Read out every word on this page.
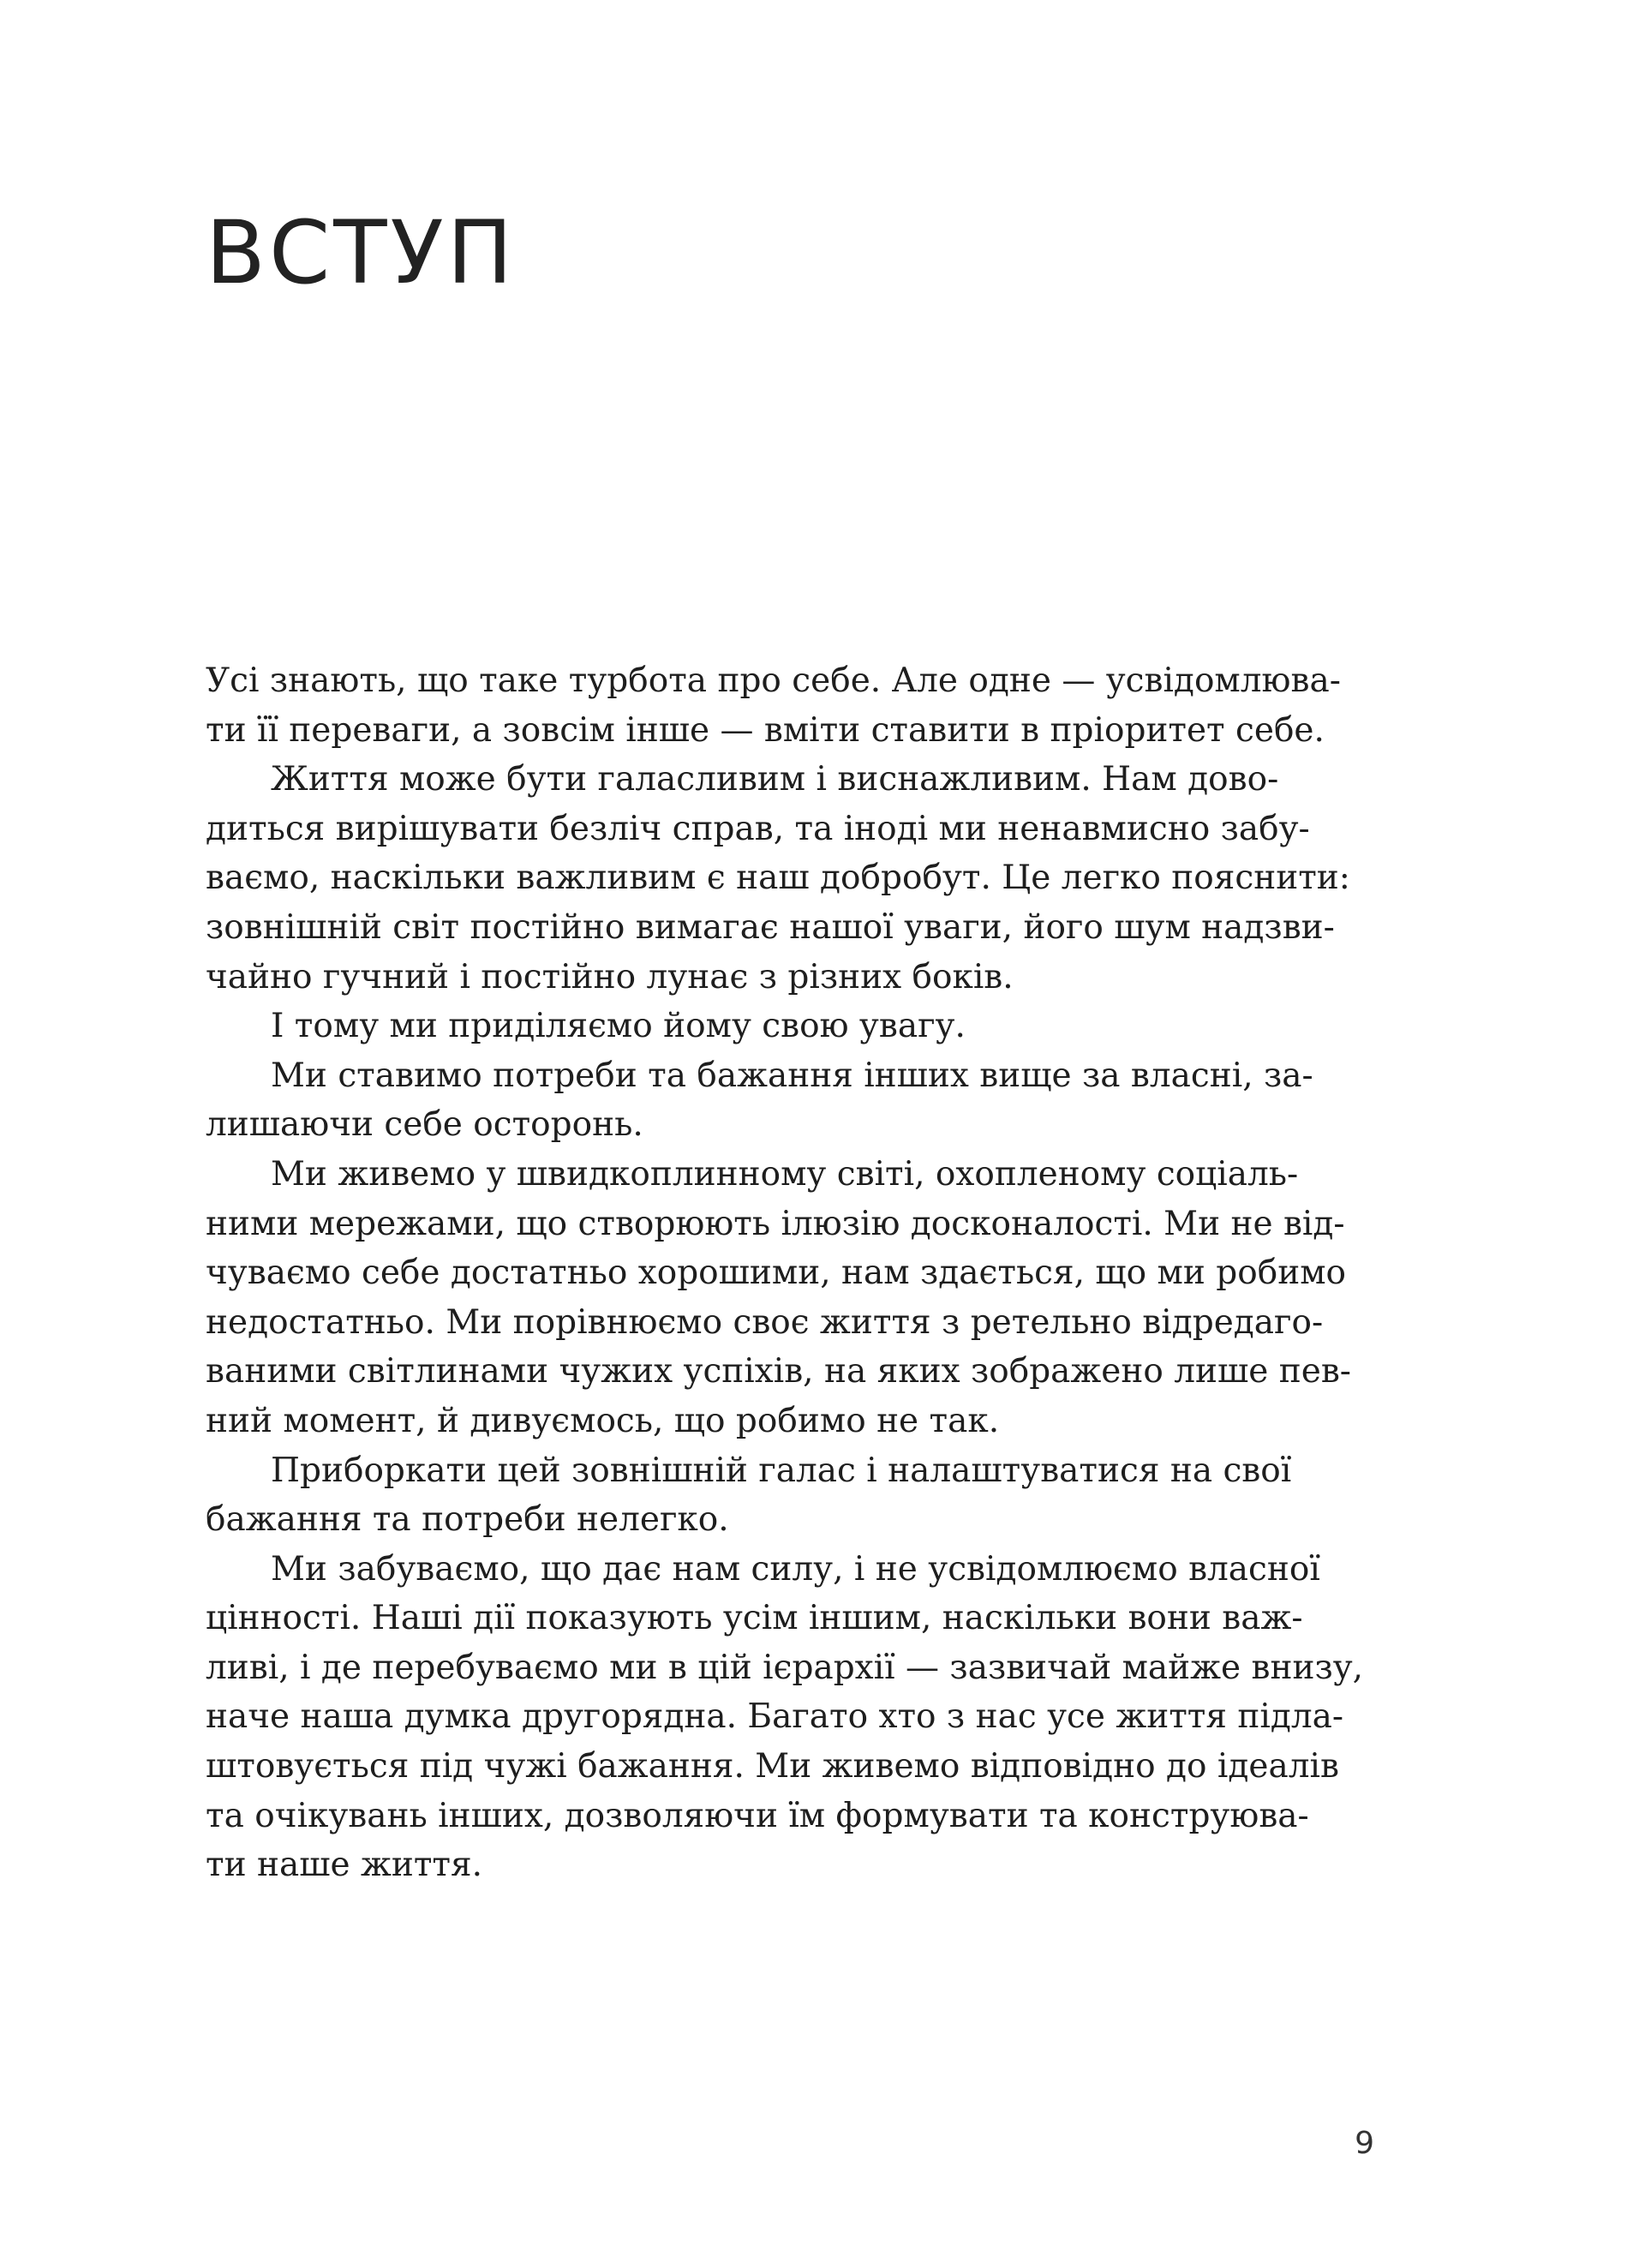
ВСТУП
Усі знають, що таке турбота про себе. Але одне — усвідомлюва-
ти її переваги, а зовсім інше — вміти ставити в пріоритет себе.
Життя може бути галасливим і виснажливим. Нам дово-
диться вирішувати безліч справ, та іноді ми ненавмисно забу-
ваємо, наскільки важливим є наш добробут. Це легко пояснити:
зовнішній світ постійно вимагає нашої уваги, його шум надзви-
чайно гучний і постійно лунає з різних боків.
І тому ми приділяємо йому свою увагу.
Ми ставимо потреби та бажання інших вище за власні, за-
лишаючи себе осторонь.
Ми живемо у швидкоплинному світі, охопленому соціаль-
ними мережами, що створюють ілюзію досконалості. Ми не від-
чуваємо себе достатньо хорошими, нам здається, що ми робимо
недостатньо. Ми порівнюємо своє життя з ретельно відредаго-
ваними світлинами чужих успіхів, на яких зображено лише пев-
ний момент, й дивуємось, що робимо не так.
Приборкати цей зовнішній галас і налаштуватися на свої
бажання та потреби нелегко.
Ми забуваємо, що дає нам силу, і не усвідомлюємо власної
цінності. Наші дії показують усім іншим, наскільки вони важ-
ливі, і де перебуваємо ми в цій ієрархії — зазвичай майже внизу,
наче наша думка другорядна. Багато хто з нас усе життя підла-
штовується під чужі бажання. Ми живемо відповідно до ідеалів
та очікувань інших, дозволяючи їм формувати та конструюва-
ти наше життя.

9
